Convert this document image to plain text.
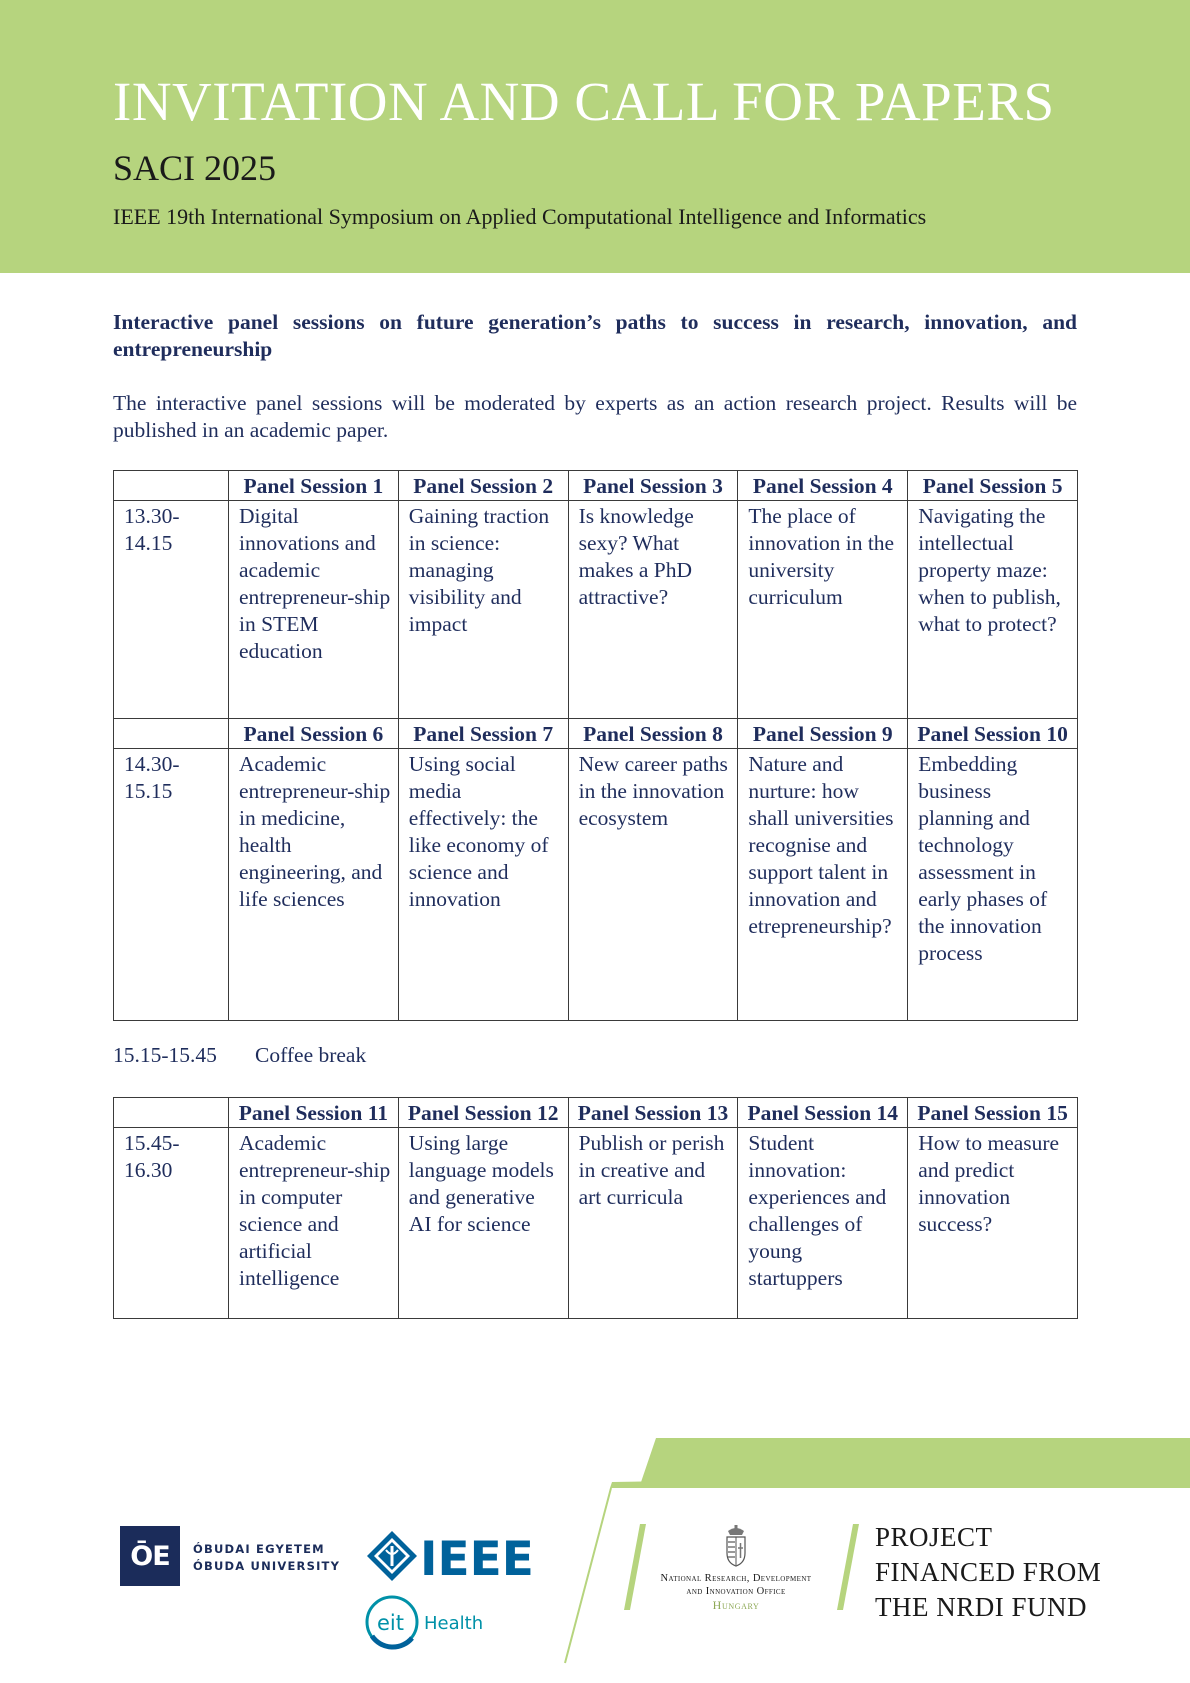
INVITATION AND CALL FOR PAPERS
SACI 2025
IEEE 19th International Symposium on Applied Computational Intelligence and Informatics
Interactive panel sessions on future generation’s paths to success in research, innovation, and entrepreneurship
The interactive panel sessions will be moderated by experts as an action research project. Results will be published in an academic paper.
	Panel Session 1	Panel Session 2	Panel Session 3	Panel Session 4	Panel Session 5
13.30-14.15	Digital innovations and academic entrepreneur-ship in STEM education	Gaining traction in science: managing visibility and impact	Is knowledge sexy? What makes a PhD attractive?	The place of innovation in the university curriculum	Navigating the intellectual property maze: when to publish, what to protect?
	Panel Session 6	Panel Session 7	Panel Session 8	Panel Session 9	Panel Session 10
14.30-15.15	Academic entrepreneur-ship in medicine, health engineering, and life sciences	Using social media effectively: the like economy of science and innovation	New career paths in the innovation ecosystem	Nature and nurture: how shall universities recognise and support talent in innovation and etrepreneurship?	Embedding business planning and technology assessment in early phases of the innovation process
15.15-15.45 Coffee break
	Panel Session 11	Panel Session 12	Panel Session 13	Panel Session 14	Panel Session 15
15.45-16.30	Academic entrepreneur-ship in computer science and artificial intelligence	Using large language models and generative AI for science	Publish or perish in creative and art curricula	Student innovation: experiences and challenges of young startuppers	How to measure and predict innovation success?
ŌE ÓBUDAI EGYETEM
ÓBUDA UNIVERSITY IEEE
eit Health
National Research, Development
and Innovation Office
Hungary
PROJECT
FINANCED FROM
THE NRDI FUND
